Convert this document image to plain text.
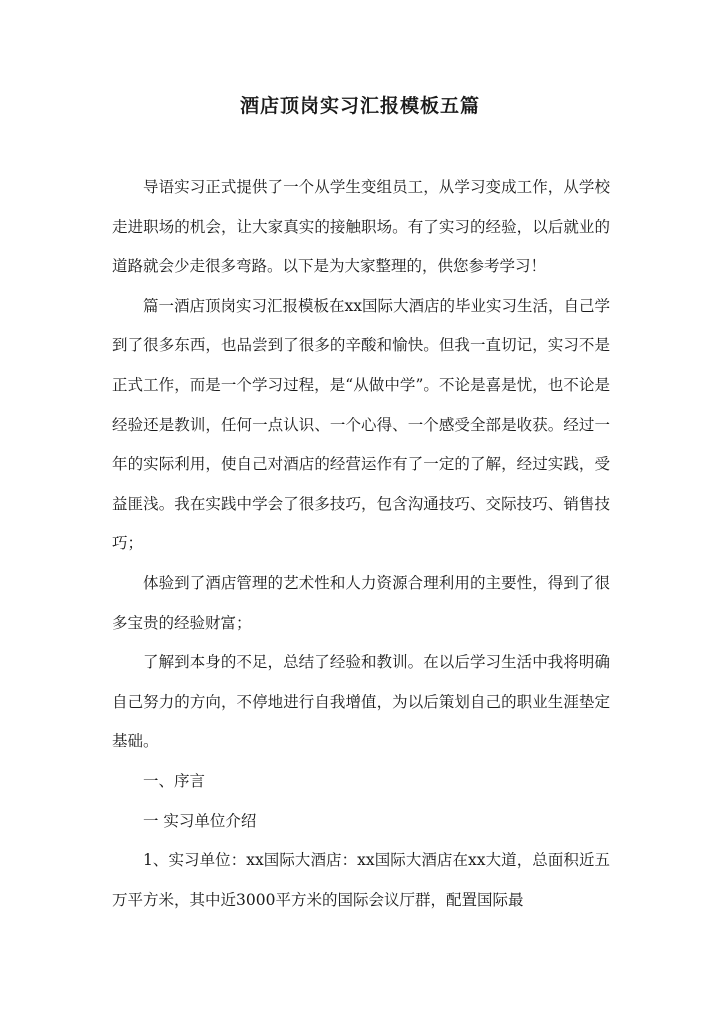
酒店顶岗实习汇报模板五篇

导语实习正式提供了一个从学生变组员工，从学习变成工作，从学校走进职场的机会，让大家真实的接触职场。有了实习的经验，以后就业的道路就会少走很多弯路。以下是为大家整理的，供您参考学习！

篇一酒店顶岗实习汇报模板在xx国际大酒店的毕业实习生活，自己学到了很多东西，也品尝到了很多的辛酸和愉快。但我一直切记，实习不是正式工作，而是一个学习过程，是“从做中学”。不论是喜是忧，也不论是经验还是教训，任何一点认识、一个心得、一个感受全部是收获。经过一年的实际利用，使自己对酒店的经营运作有了一定的了解，经过实践，受益匪浅。我在实践中学会了很多技巧，包含沟通技巧、交际技巧、销售技巧；

体验到了酒店管理的艺术性和人力资源合理利用的主要性，得到了很多宝贵的经验财富；

了解到本身的不足，总结了经验和教训。在以后学习生活中我将明确自己努力的方向，不停地进行自我增值，为以后策划自己的职业生涯垫定基础。

一、序言

一 实习单位介绍

1、实习单位：xx国际大酒店：xx国际大酒店在xx大道，总面积近五万平方米，其中近3000平方米的国际会议厅群，配置国际最
